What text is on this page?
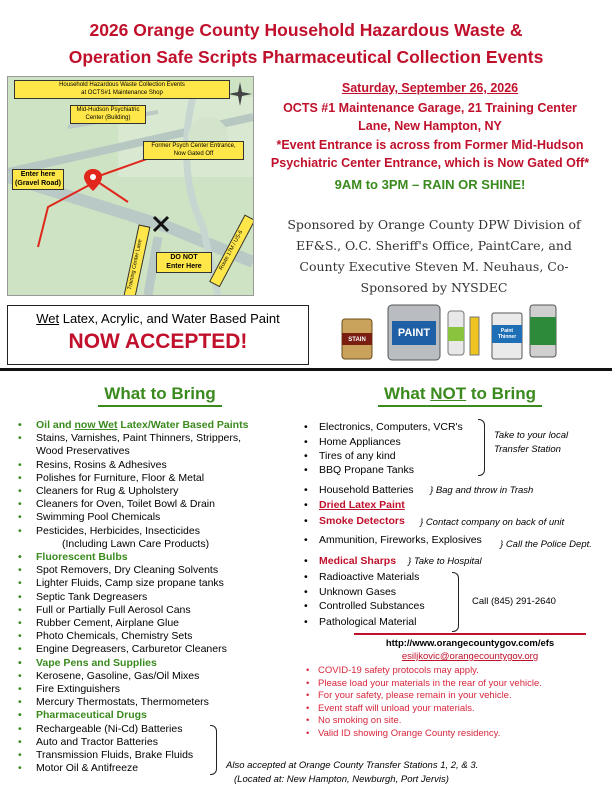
2026 Orange County Household Hazardous Waste &
Operation Safe Scripts Pharmaceutical Collection Events
Household Hazardous Waste Collection Events
at OCTS#1 Maintenance Shop
Mid-Hudson Psychiatric
Center (Building)
Former Psych Center Entrance,
Now Gated Off
Enter here
(Gravel Road)
DO NOT
Enter Here
Training Center Lane	Route 17M / US-6
Saturday, September 26, 2026
OCTS #1 Maintenance Garage, 21 Training Center
Lane, New Hampton, NY
*Event Entrance is across from Former Mid-Hudson
Psychiatric Center Entrance, which is Now Gated Off*
9AM to 3PM – RAIN OR SHINE!
Sponsored by Orange County DPW Division of
EF&S., O.C. Sheriff's Office, PaintCare, and
County Executive Steven M. Neuhaus, Co-
Sponsored by NYSDEC
STAIN
PAINT	Paint Thinner
Wet Latex, Acrylic, and Water Based Paint
NOW ACCEPTED!
What to Bring
• Oil and now Wet Latex/Water Based Paints
• Stains, Varnishes, Paint Thinners, Strippers,
Wood Preservatives
• Resins, Rosins & Adhesives
• Polishes for Furniture, Floor & Metal
• Cleaners for Rug & Upholstery
• Cleaners for Oven, Toilet Bowl & Drain
• Swimming Pool Chemicals
• Pesticides, Herbicides, Insecticides
(Including Lawn Care Products)
• Fluorescent Bulbs
• Spot Removers, Dry Cleaning Solvents
• Lighter Fluids, Camp size propane tanks
• Septic Tank Degreasers
• Full or Partially Full Aerosol Cans
• Rubber Cement, Airplane Glue
• Photo Chemicals, Chemistry Sets
• Engine Degreasers, Carburetor Cleaners
• Vape Pens and Supplies
• Kerosene, Gasoline, Gas/Oil Mixes
• Fire Extinguishers
• Mercury Thermostats, Thermometers
• Pharmaceutical Drugs
• Rechargeable (Ni-Cd) Batteries
• Auto and Tractor Batteries
• Transmission Fluids, Brake Fluids
• Motor Oil & Antifreeze	Also accepted at Orange County Transfer Stations 1, 2, & 3.
(Located at: New Hampton, Newburgh, Port Jervis)
What NOT to Bring
• Electronics, Computers, VCR's
• Home Appliances
• Tires of any kind
• BBQ Propane Tanks
• Household Batteries
• Dried Latex Paint
• Smoke Detectors
• Ammunition, Fireworks, Explosives
• Medical Sharps
• Radioactive Materials
• Unknown Gases
• Controlled Substances
• Pathological Material
Take to your local
Transfer Station
} Bag and throw in Trash
} Contact company on back of unit
} Call the Police Dept.
} Take to Hospital
Call (845) 291-2640
http://www.orangecountygov.com/efs
esiljkovic@orangecountygov.org
• COVID-19 safety protocols may apply.
• Please load your materials in the rear of your vehicle.
• For your safety, please remain in your vehicle.
• Event staff will unload your materials.
• No smoking on site.
• Valid ID showing Orange County residency.
